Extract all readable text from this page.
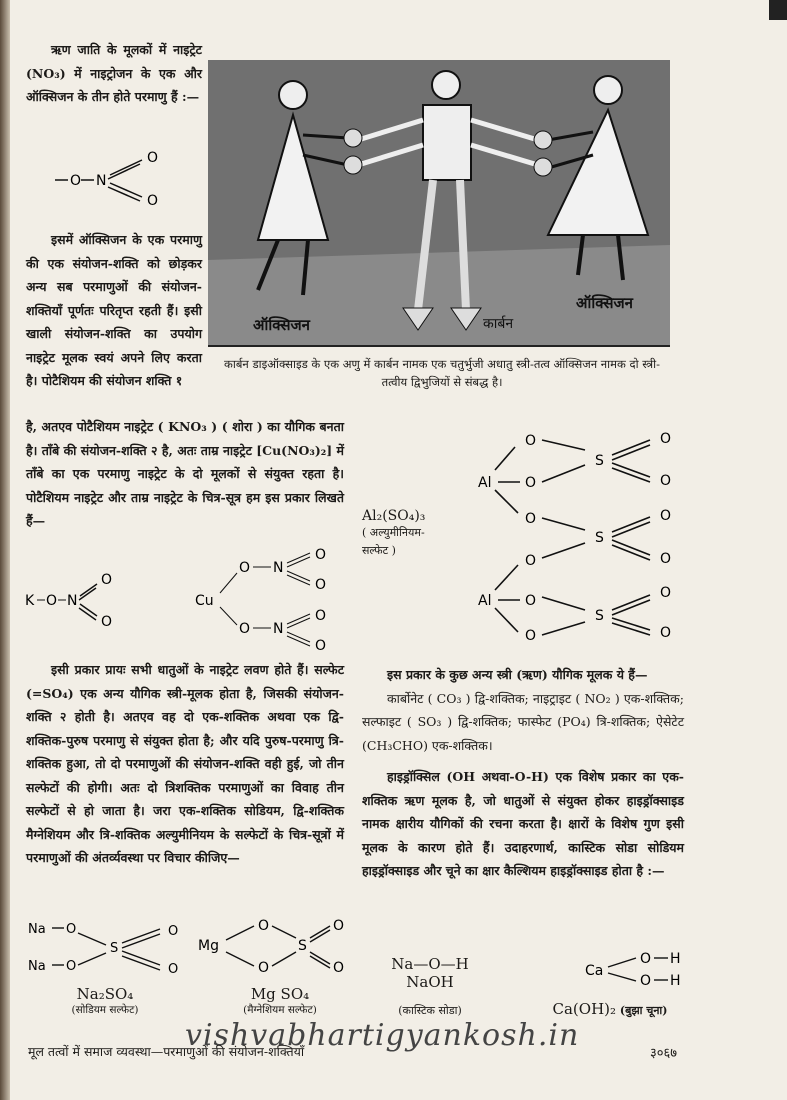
ऋण जाति के मूलकों में नाइट्रेट (NO₃) में नाइट्रोजन के एक और ऑक्सिजन के तीन होते परमाणु हैं :—

O N
O
O

इसमें ऑक्सिजन के एक परमाणु की एक संयोजन-शक्ति को छोड़कर अन्य सब परमाणुओं की संयोजन-शक्तियाँ पूर्णतः परितृप्त रहती हैं। इसी खाली संयोजन-शक्ति का उपयोग नाइट्रेट मूलक स्वयं अपने लिए करता है। पोटैशियम की संयोजन शक्ति १

ऑक्सिजन	कार्बन
ऑक्सिजन
कार्बन डाइऑक्साइड के एक अणु में कार्बन नामक एक चतुर्भुजी अधातु स्त्री-तत्व ऑक्सिजन नामक दो स्त्री-तत्वीय द्विभुजियों से संबद्ध है।
है, अतएव पोटैशियम नाइट्रेट ( KNO₃ ) ( शोरा ) का यौगिक बनता है। ताँबे की संयोजन-शक्ति २ है, अतः ताम्र नाइट्रेट [Cu(NO₃)₂] में ताँबे का एक परमाणु नाइट्रेट के दो मूलकों से संयुक्त रहता है। पोटैशियम नाइट्रेट और ताम्र नाइट्रेट के चित्र-सूत्र हम इस प्रकार लिखते हैं—
K O N
O
O
Cu
O N
O
O
O N
O
O
Al₂(SO₄)₃
( अल्युमीनियम-सल्फेट )
Al
Al
O
O
O
O
O
O
S
S
S
O
O
O
O
O
O

इसी प्रकार प्रायः सभी धातुओं के नाइट्रेट लवण होते हैं। सल्फेट (=SO₄) एक अन्य यौगिक स्त्री-मूलक होता है, जिसकी संयोजन-शक्ति २ होती है। अतएव वह दो एक-शक्तिक अथवा एक द्वि-शक्तिक-पुरुष परमाणु से संयुक्त होता है; और यदि पुरुष-परमाणु त्रि-शक्तिक हुआ, तो दो परमाणुओं की संयोजन-शक्ति वही हुई, जो तीन सल्फेटों की होगी। अतः दो त्रिशक्तिक परमाणुओं का विवाह तीन सल्फेटों से हो जाता है। जरा एक-शक्तिक सोडियम, द्वि-शक्तिक मैग्नेशियम और त्रि-शक्तिक अल्युमीनियम के सल्फेटों के चित्र-सूत्रों में परमाणुओं की अंतर्व्यवस्था पर विचार कीजिए—

इस प्रकार के कुछ अन्य स्त्री (ऋण) यौगिक मूलक ये हैं—

कार्बोनेट ( CO₃ ) द्वि-शक्तिक; नाइट्राइट ( NO₂ ) एक-शक्तिक; सल्फाइट ( SO₃ ) द्वि-शक्तिक; फास्फेट (PO₄) त्रि-शक्तिक; ऐसेटेट (CH₃CHO) एक-शक्तिक।

हाइड्रॉक्सिल (OH अथवा-O-H) एक विशेष प्रकार का एक-शक्तिक ऋण मूलक है, जो धातुओं से संयुक्त होकर हाइड्रॉक्साइड नामक क्षारीय यौगिकों की रचना करता है। क्षारों के विशेष गुण इसी मूलक के कारण होते हैं। उदाहरणार्थ, कास्टिक सोडा सोडियम हाइड्रॉक्साइड और चूने का क्षार कैल्शियम हाइड्रॉक्साइड होता है :—

Na O
Na O
S
O
O
Na₂SO₄
(सोडियम सल्फेट)
Mg
O
O
S
O
O
Mg SO₄
(मैग्नेशियम सल्फेट)
Na—O—H
NaOH
(कास्टिक सोडा)
Ca
O
O
H
H
Ca(OH)₂ (बुझा चूना)
vishvabhartigyankosh.in
मूल तत्वों में समाज व्यवस्था—परमाणुओं की संयोजन-शक्तियाँ	३०६७
